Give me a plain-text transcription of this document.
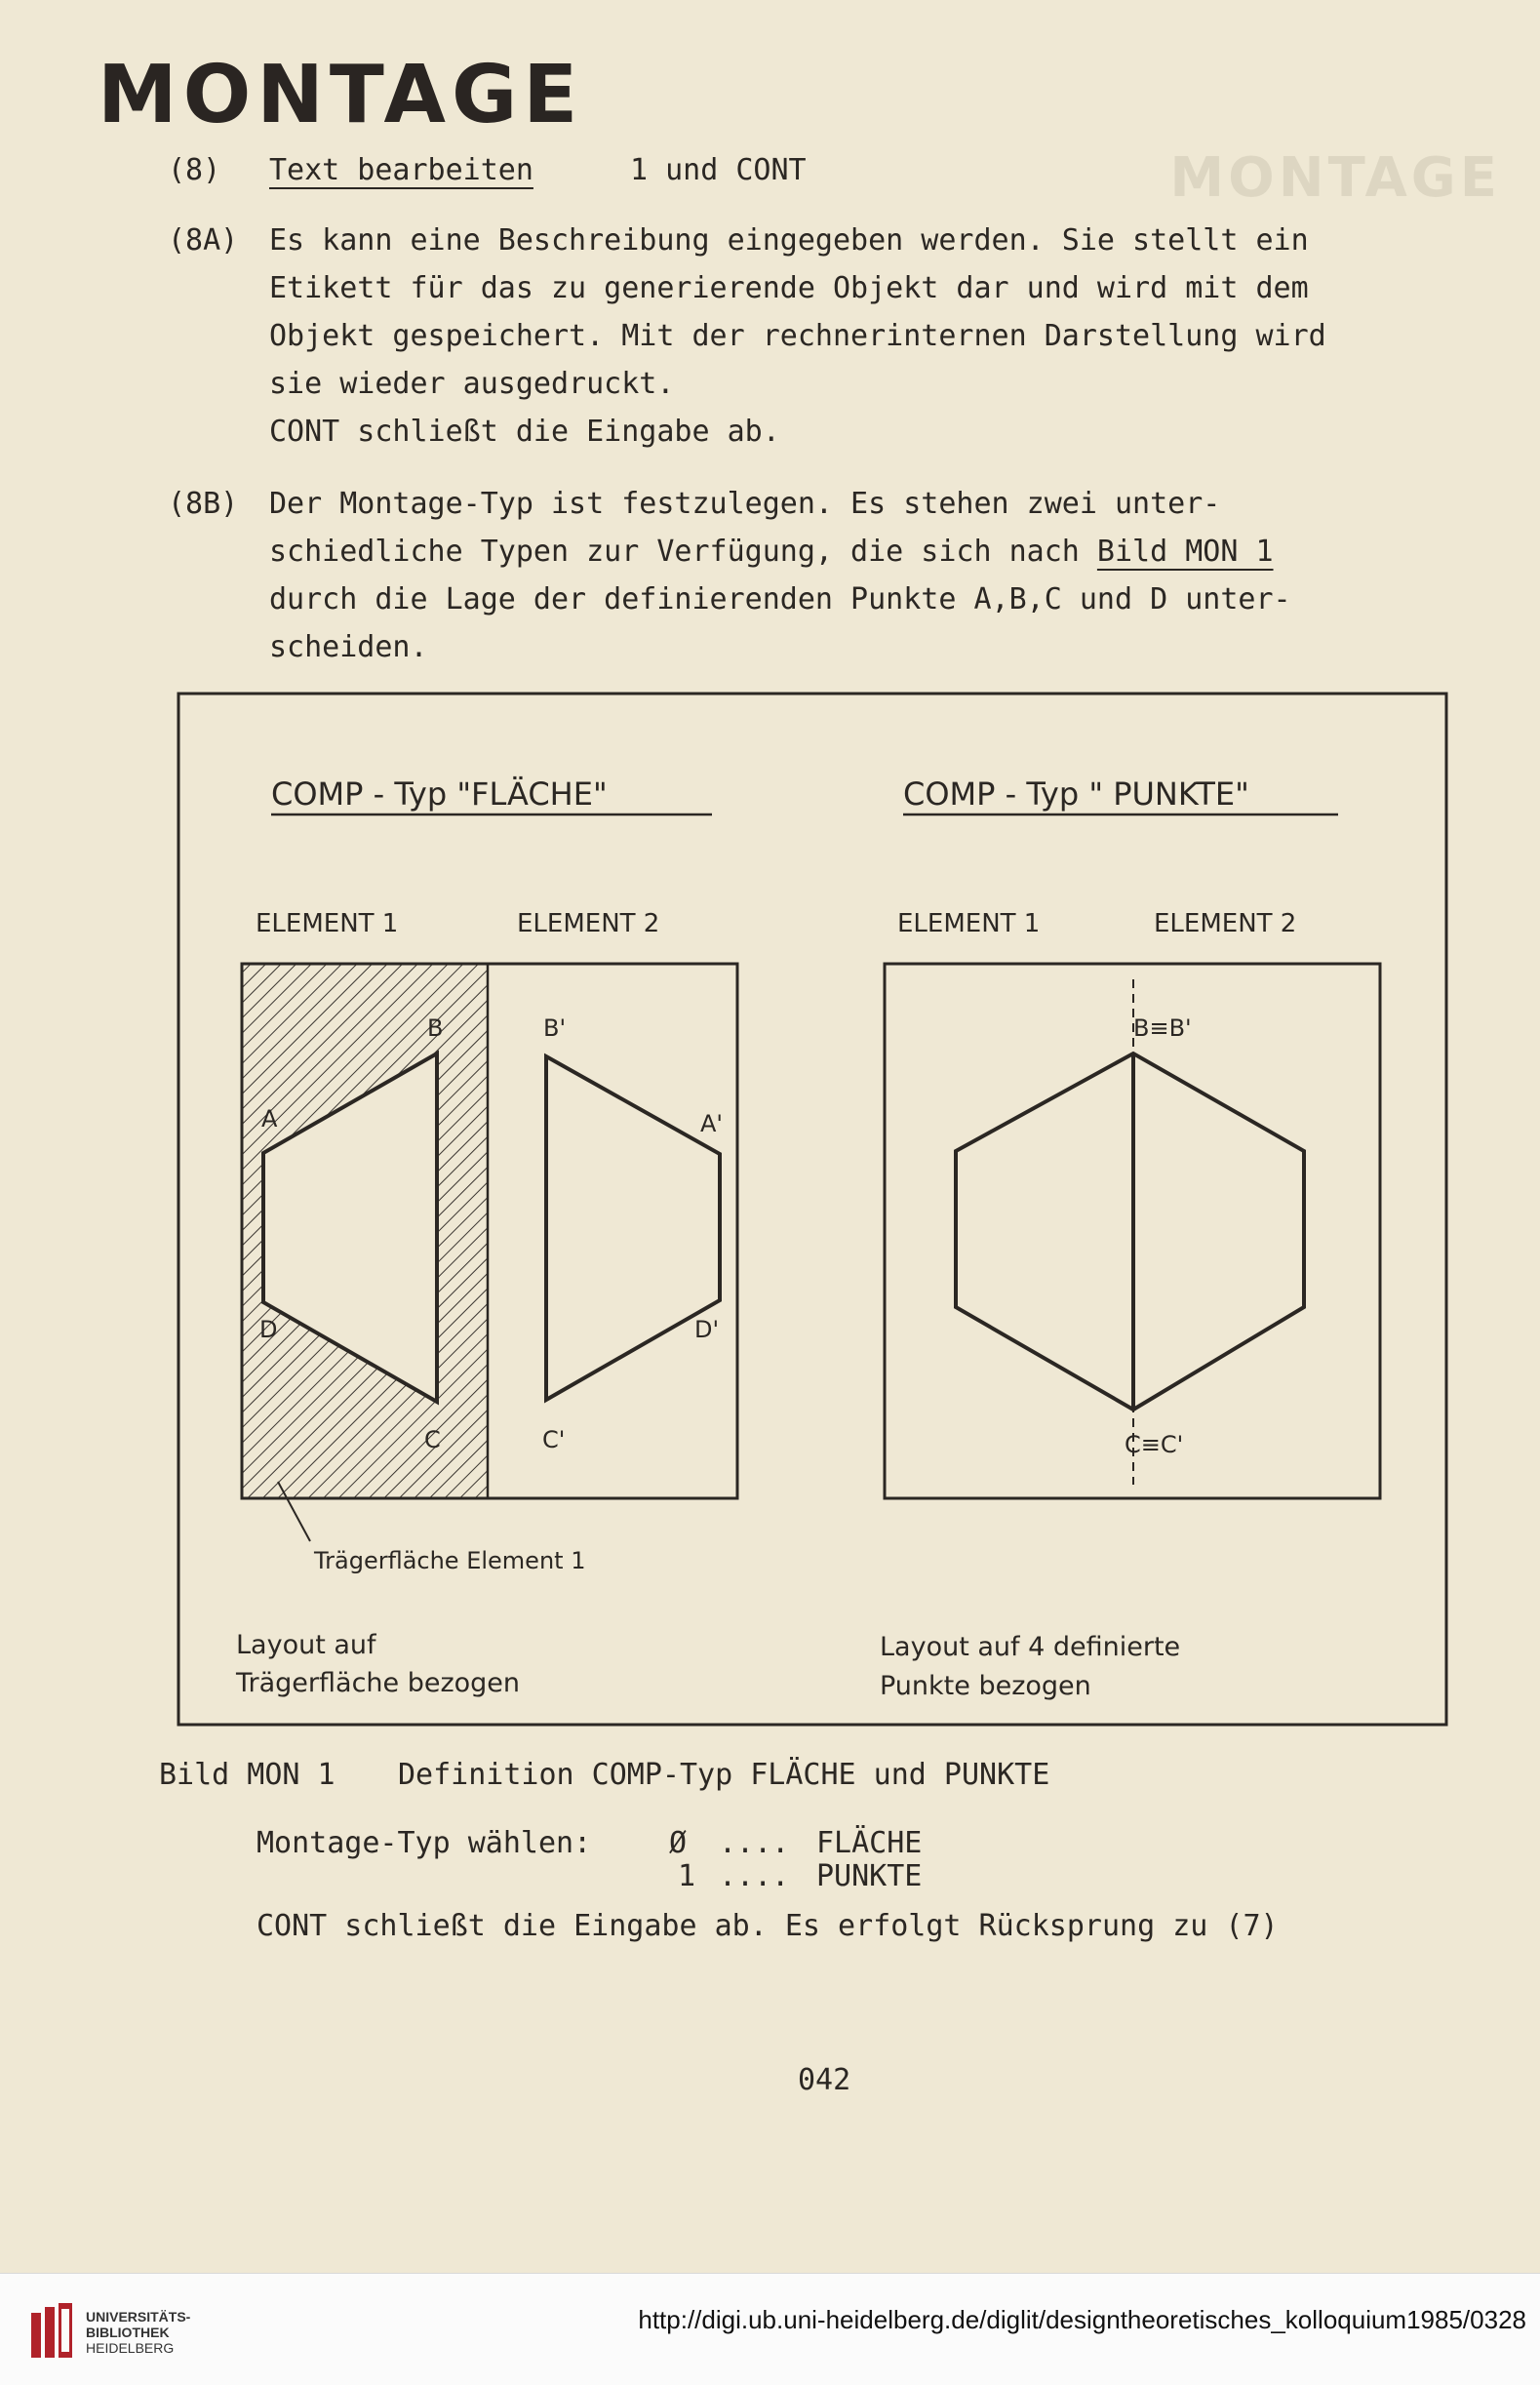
MONTAGE
MONTAGE
(8) Text bearbeiten	1 und CONT
(8A) Es kann eine Beschreibung eingegeben werden. Sie stellt ein
Etikett für das zu generierende Objekt dar und wird mit dem
Objekt gespeichert. Mit der rechnerinternen Darstellung wird
sie wieder ausgedruckt.
CONT schließt die Eingabe ab.
(8B) Der Montage-Typ ist festzulegen. Es stehen zwei unter-
schiedliche Typen zur Verfügung, die sich nach Bild MON 1
durch die Lage der definierenden Punkte A,B,C und D unter-
scheiden.
COMP - Typ "FLÄCHE"	COMP - Typ " PUNKTE"
ELEMENT 1	ELEMENT 2	ELEMENT 1	ELEMENT 2
A
B
C
D
A'
B'
C'
D'
Trägerfläche Element 1
B≡B'
C≡C'
Layout auf
Trägerfläche bezogen
Layout auf 4 definierte
Punkte bezogen
Bild MON 1 Definition COMP-Typ FLÄCHE und PUNKTE
Montage-Typ wählen:	Ø .... FLÄCHE
1 .... PUNKTE
CONT schließt die Eingabe ab. Es erfolgt Rücksprung zu (7)
042
UNIVERSITÄTS-
BIBLIOTHEK
HEIDELBERG
http://digi.ub.uni-heidelberg.de/diglit/designtheoretisches_kolloquium1985/0328
